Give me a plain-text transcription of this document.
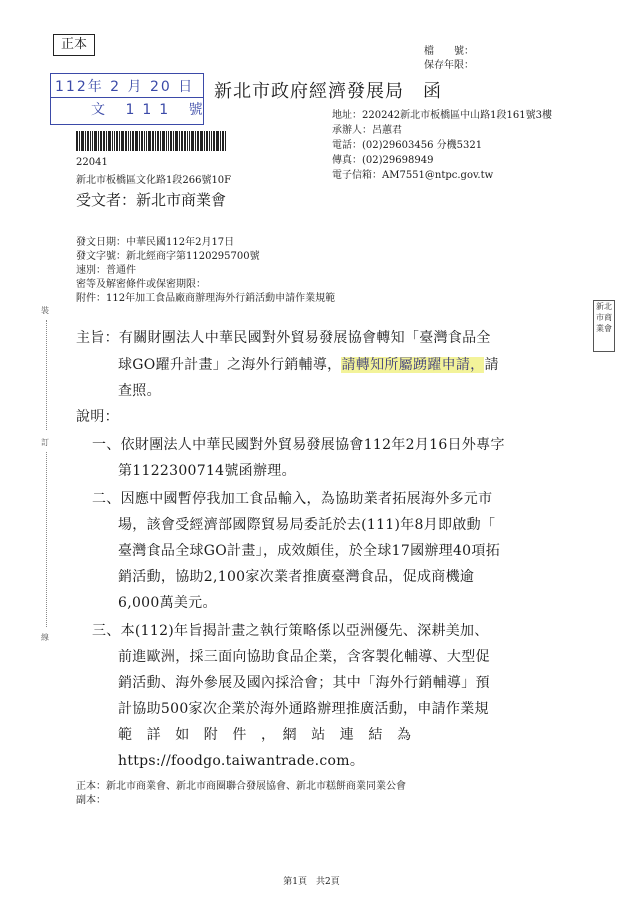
正本
112年 2 月 20 日
文 111 號
檔　　號：
保存年限：
新北市政府經濟發展局　函
地址：220242新北市板橋區中山路1段161號3樓
承辦人：呂蕙君
電話：(02)29603456 分機5321
傳真：(02)29698949
電子信箱：AM7551@ntpc.gov.tw
22041
新北市板橋區文化路1段266號10F
受文者：新北市商業會
發文日期：中華民國112年2月17日
發文字號：新北經商字第1120295700號
速別：普通件
密等及解密條件或保密期限：
附件：112年加工食品廠商辦理海外行銷活動申請作業規範
主旨：有關財團法人中華民國對外貿易發展協會轉知「臺灣食品全
球GO躍升計畫」之海外行銷輔導，請轉知所屬踴躍申請，請
查照。
說明：
一、依財團法人中華民國對外貿易發展協會112年2月16日外專字
第1122300714號函辦理。
二、因應中國暫停我加工食品輸入，為協助業者拓展海外多元市
場，該會受經濟部國際貿易局委託於去(111)年8月即啟動「
臺灣食品全球GO計畫」，成效頗佳，於全球17國辦理40項拓
銷活動，協助2,100家次業者推廣臺灣食品，促成商機逾
6,000萬美元。
三、本(112)年旨揭計畫之執行策略係以亞洲優先、深耕美加、
前進歐洲，採三面向協助食品企業，含客製化輔導、大型促
銷活動、海外參展及國內採洽會；其中「海外行銷輔導」預
計協助500家次企業於海外通路辦理推廣活動，申請作業規
範　詳　如　附　件　，　網　站　連　結　為
https://foodgo.taiwantrade.com。
正本：新北市商業會、新北市商圈聯合發展協會、新北市糕餅商業同業公會
副本：
裝
訂
線
新北市商業會
第1頁　共2頁
